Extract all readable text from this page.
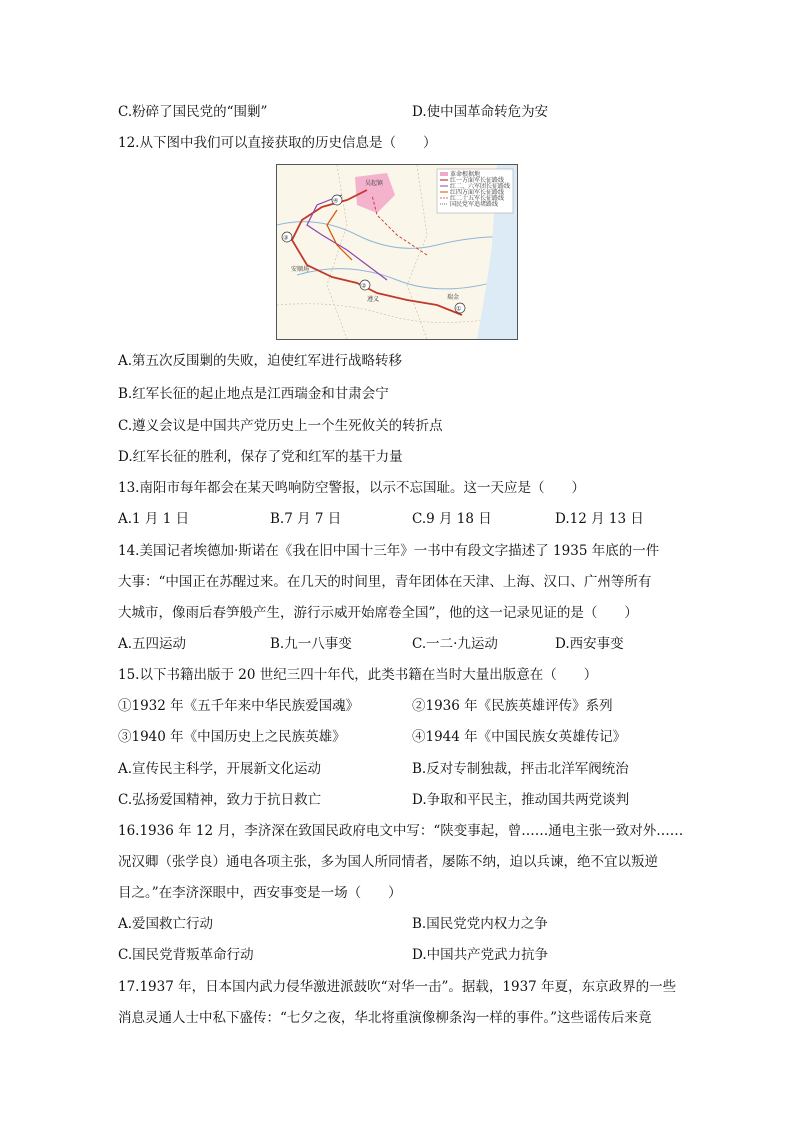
C.粉碎了国民党的“围剿”	D.使中国革命转危为安
12.从下图中我们可以直接获取的历史信息是（　　）
革命根据地
红一方面军长征路线
红二、六军团长征路线
红四方面军长征路线
红二十五军长征路线
国民党军追堵路线
④
③
②
①
吴起镇
安顺场
遵义	瑞金
A.第五次反围剿的失败，迫使红军进行战略转移
B.红军长征的起止地点是江西瑞金和甘肃会宁
C.遵义会议是中国共产党历史上一个生死攸关的转折点
D.红军长征的胜利，保存了党和红军的基干力量
13.南阳市每年都会在某天鸣响防空警报，以示不忘国耻。这一天应是（　　）
A.1 月 1 日	B.7 月 7 日	C.9 月 18 日	D.12 月 13 日
14.美国记者埃德加·斯诺在《我在旧中国十三年》一书中有段文字描述了 1935 年底的一件
大事：“中国正在苏醒过来。在几天的时间里，青年团体在天津、上海、汉口、广州等所有
大城市，像雨后春笋般产生，游行示威开始席卷全国”，他的这一记录见证的是（　　）
A.五四运动	B.九一八事变	C.一二·九运动	D.西安事变
15.以下书籍出版于 20 世纪三四十年代，此类书籍在当时大量出版意在（　　）
①1932 年《五千年来中华民族爱国魂》	②1936 年《民族英雄评传》系列
③1940 年《中国历史上之民族英雄》	④1944 年《中国民族女英雄传记》
A.宣传民主科学，开展新文化运动	B.反对专制独裁，抨击北洋军阀统治
C.弘扬爱国精神，致力于抗日救亡	D.争取和平民主，推动国共两党谈判
16.1936 年 12 月，李济深在致国民政府电文中写：“陕变事起，曾……通电主张一致对外……
况汉卿（张学良）通电各项主张，多为国人所同情者，屡陈不纳，迫以兵谏，绝不宜以叛逆
目之。”在李济深眼中，西安事变是一场（　　）
A.爱国救亡行动	B.国民党党内权力之争
C.国民党背叛革命行动	D.中国共产党武力抗争
17.1937 年，日本国内武力侵华激进派鼓吹“对华一击”。据载，1937 年夏，东京政界的一些
消息灵通人士中私下盛传：“七夕之夜，华北将重演像柳条沟一样的事件。”这些谣传后来竟
